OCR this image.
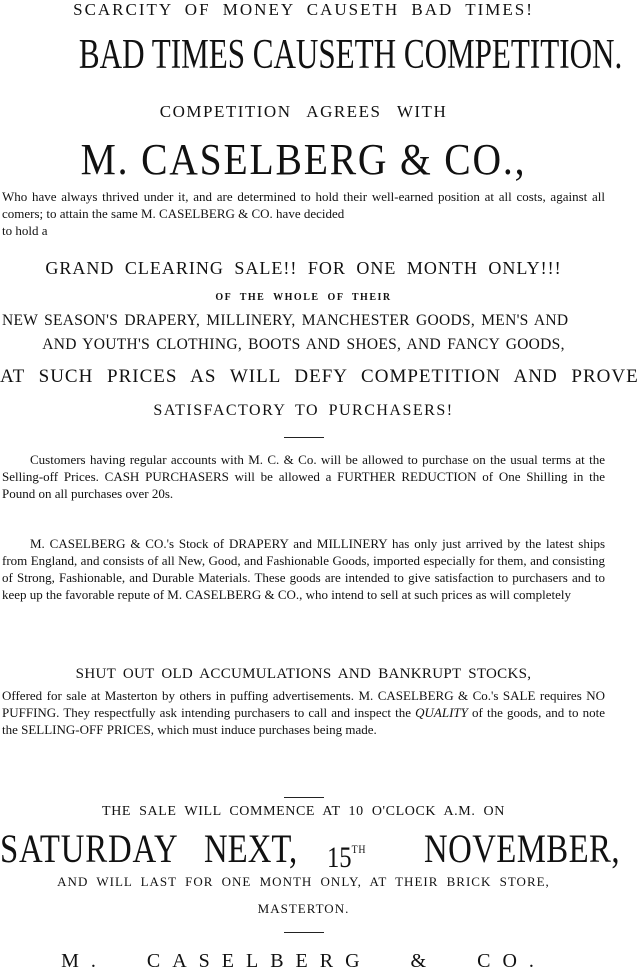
SCARCITY OF MONEY CAUSETH BAD TIMES!
BAD TIMES CAUSETH COMPETITION.
COMPETITION AGREES WITH
M. CASELBERG & CO.,
Who have always thrived under it, and are determined to hold their well-earned position at all costs, against all comers; to attain the same M. CASELBERG & CO. have decided
to hold a
GRAND CLEARING SALE!! FOR ONE MONTH ONLY!!!
OF THE WHOLE OF THEIR
NEW SEASON'S DRAPERY, MILLINERY, MANCHESTER GOODS, MEN'S AND
AND YOUTH'S CLOTHING, BOOTS AND SHOES, AND FANCY GOODS,
AT SUCH PRICES AS WILL DEFY COMPETITION AND PROVE
SATISFACTORY TO PURCHASERS!
Customers having regular accounts with M. C. & Co. will be allowed to purchase on the usual terms at the Selling-off Prices. CASH PURCHASERS will be allowed a FURTHER REDUCTION of One Shilling in the Pound on all purchases over 20s.
M. CASELBERG & CO.'s Stock of DRAPERY and MILLINERY has only just arrived by the latest ships from England, and consists of all New, Good, and Fashionable Goods, imported especially for them, and consisting of Strong, Fashionable, and Durable Materials. These goods are intended to give satisfaction to purchasers and to keep up the favorable repute of M. CASELBERG & CO., who intend to sell at such prices as will completely
SHUT OUT OLD ACCUMULATIONS AND BANKRUPT STOCKS,
Offered for sale at Masterton by others in puffing advertisements. M. CASELBERG & Co.'s SALE requires NO PUFFING. They respectfully ask intending purchasers to call and inspect the QUALITY of the goods, and to note the SELLING-OFF PRICES, which must induce purchases being made.
THE SALE WILL COMMENCE AT 10 O'CLOCK A.M. ON
SATURDAY NEXT, 15TH NOVEMBER,
AND WILL LAST FOR ONE MONTH ONLY, AT THEIR BRICK STORE,
MASTERTON.
M. CASELBERG & CO.
